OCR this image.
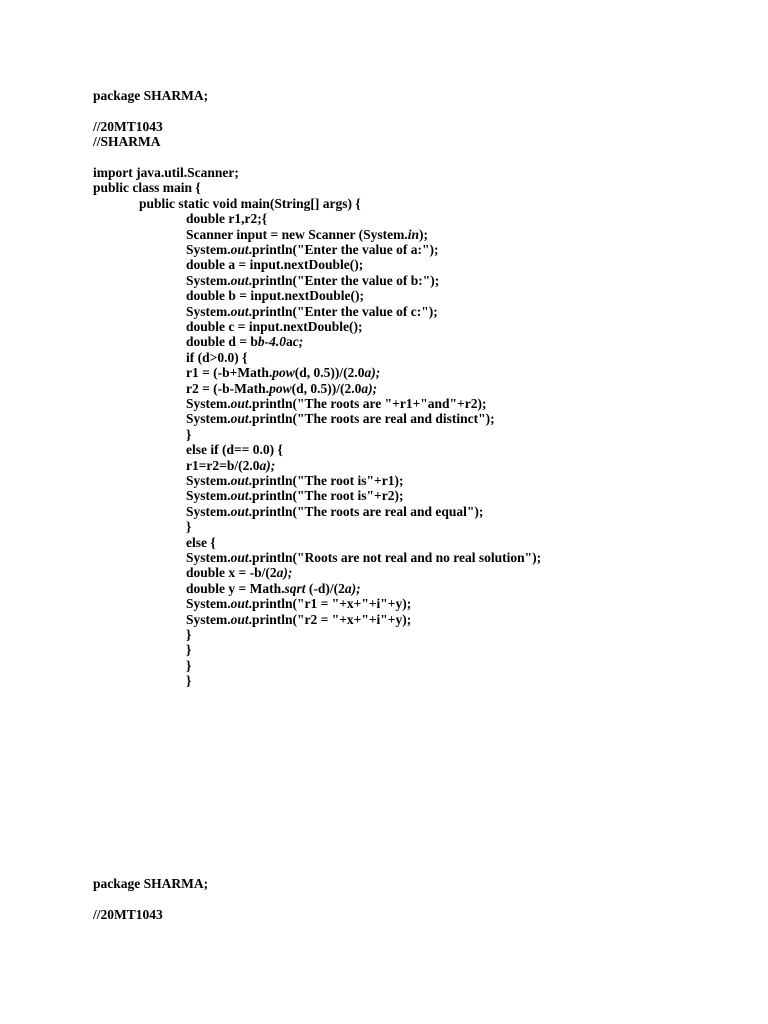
package SHARMA;
//20MT1043
//SHARMA
import java.util.Scanner;
public class main {
public static void main(String[] args) {
double r1,r2;{
Scanner input = new Scanner (System.in);
System.out.println("Enter the value of a:");
double a = input.nextDouble();
System.out.println("Enter the value of b:");
double b = input.nextDouble();
System.out.println("Enter the value of c:");
double c = input.nextDouble();
double d = bb-4.0ac;
if (d>0.0) {
r1 = (-b+Math.pow(d, 0.5))/(2.0a);
r2 = (-b-Math.pow(d, 0.5))/(2.0a);
System.out.println("The roots are "+r1+"and"+r2);
System.out.println("The roots are real and distinct");
}
else if (d== 0.0) {
r1=r2=b/(2.0a);
System.out.println("The root is"+r1);
System.out.println("The root is"+r2);
System.out.println("The roots are real and equal");
}
else {
System.out.println("Roots are not real and no real solution");
double x = -b/(2a);
double y = Math.sqrt (-d)/(2a);
System.out.println("r1 = "+x+"+i"+y);
System.out.println("r2 = "+x+"+i"+y);
}
}
}
}
package SHARMA;
//20MT1043
